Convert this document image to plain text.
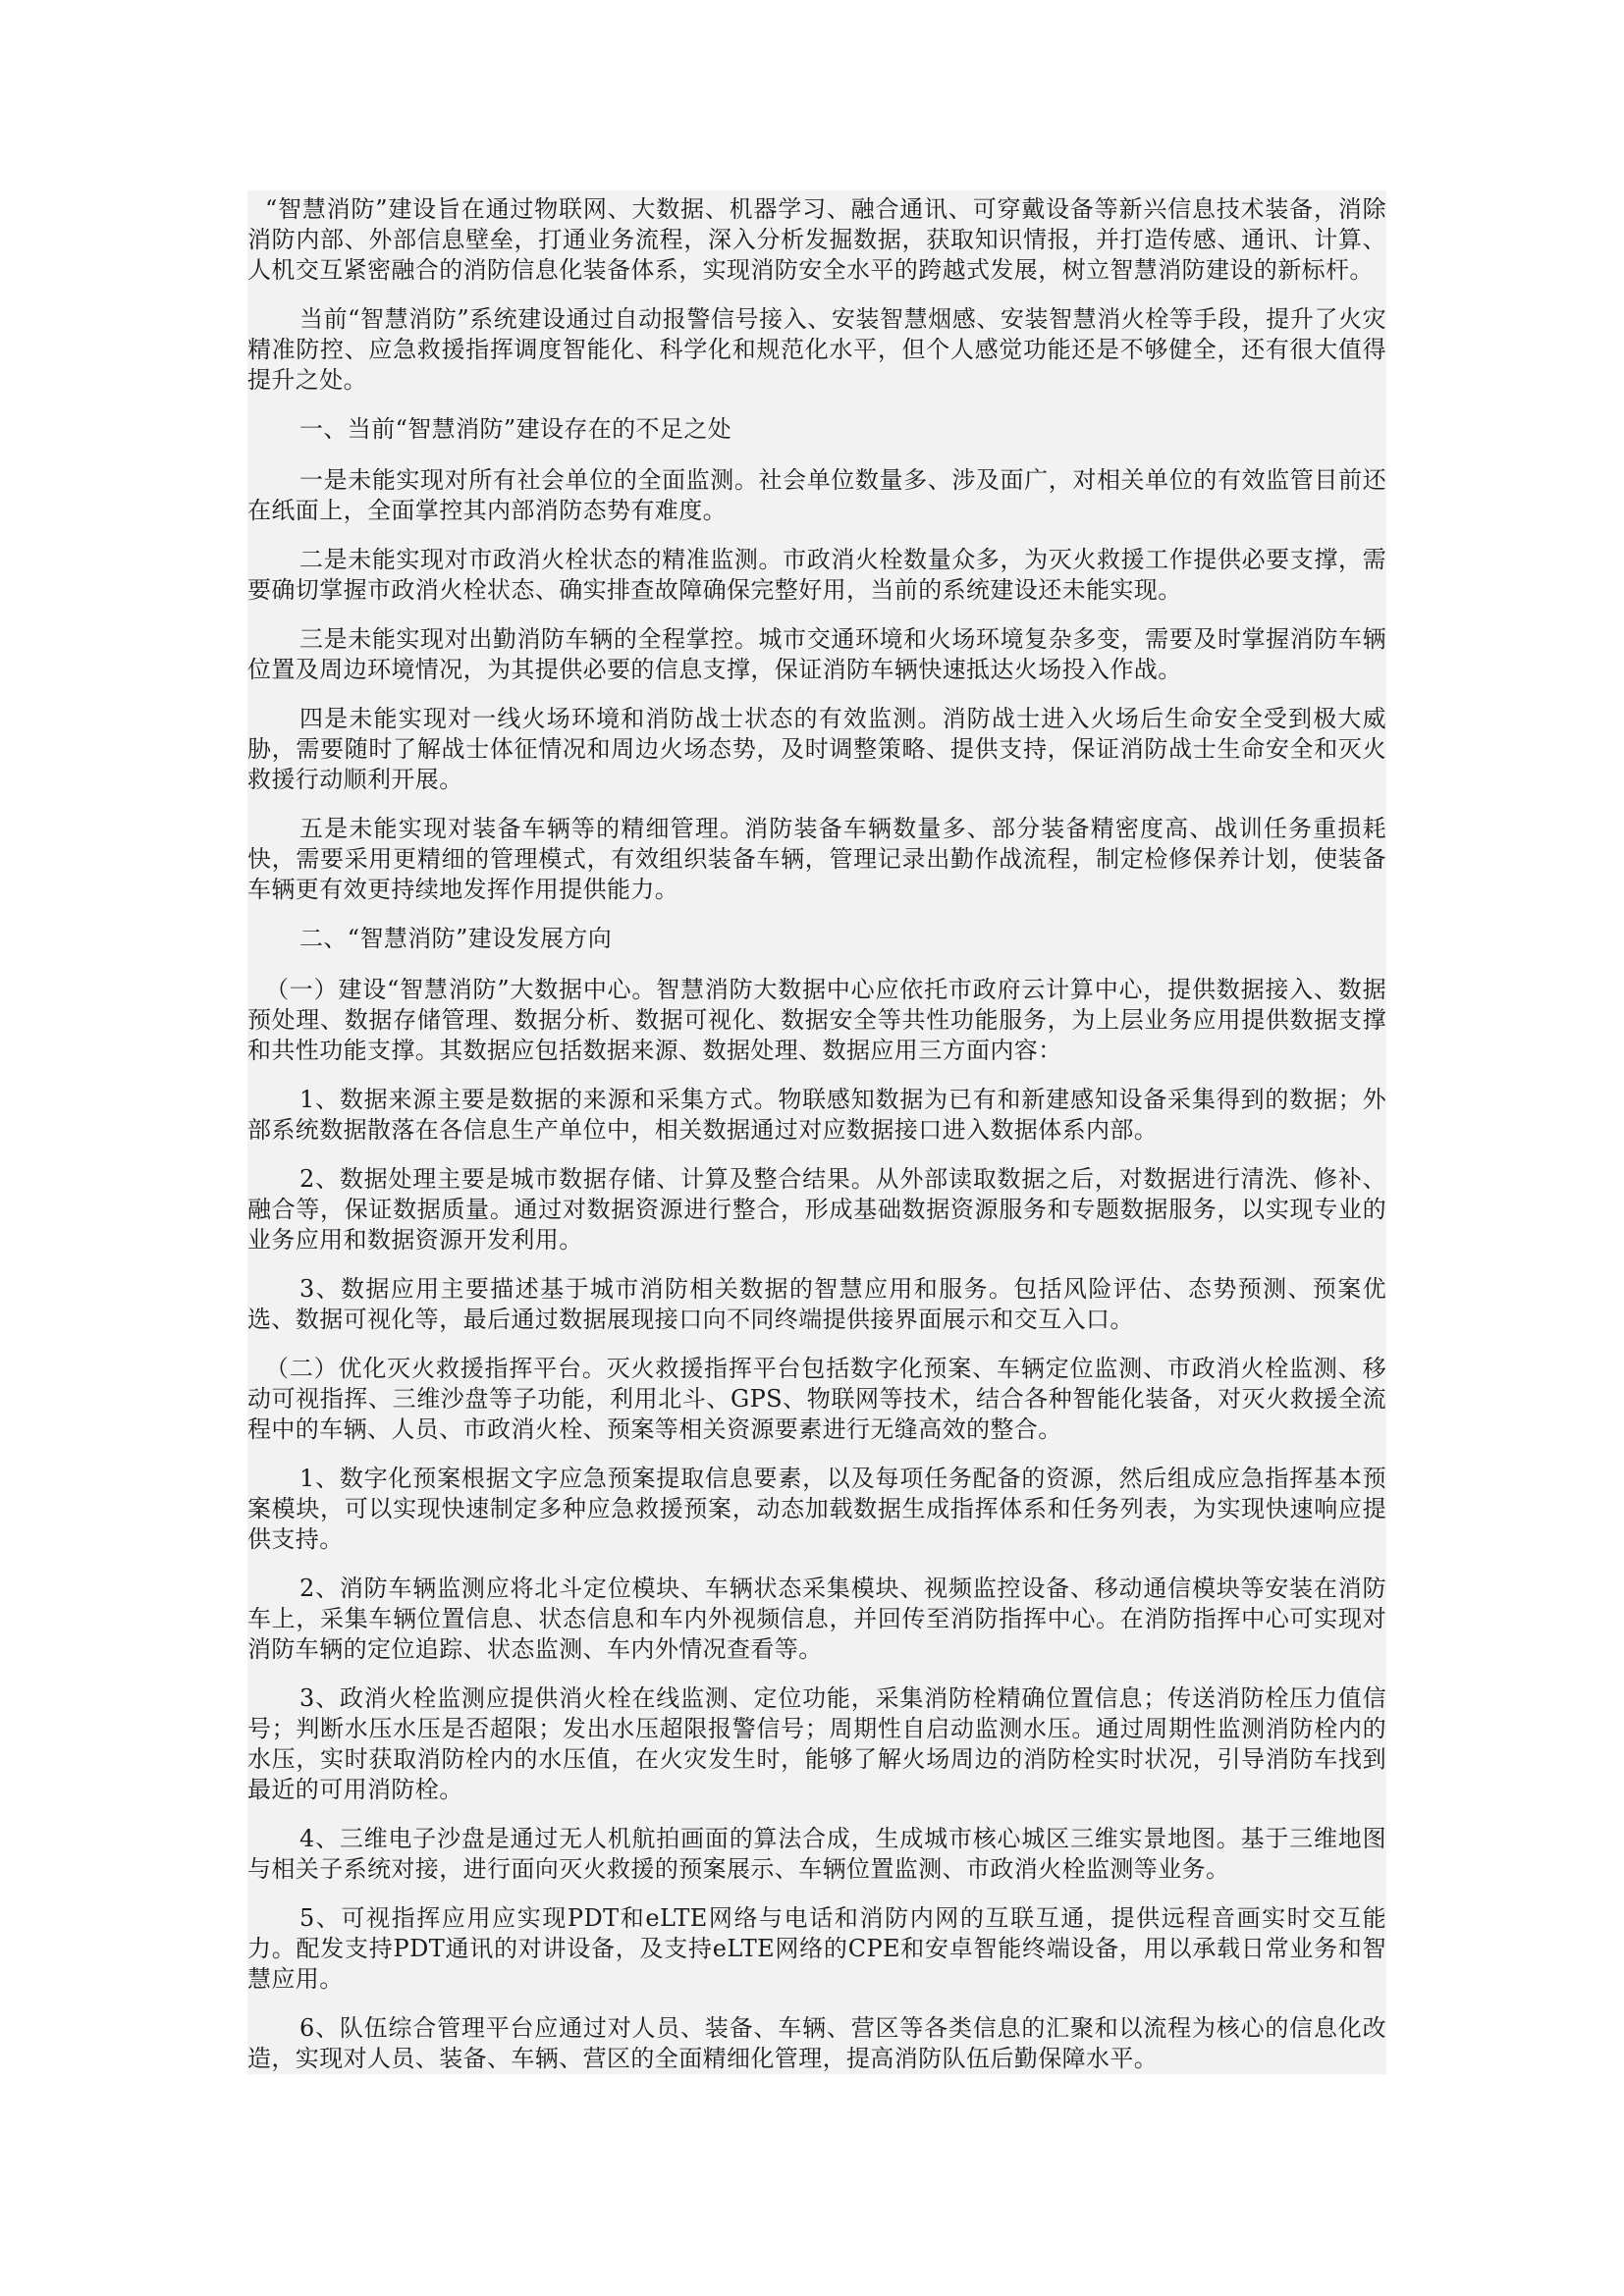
“智慧消防”建设旨在通过物联网、大数据、机器学习、融合通讯、可穿戴设备等新兴信息技术装备，消除消防内部、外部信息壁垒，打通业务流程，深入分析发掘数据，获取知识情报，并打造传感、通讯、计算、人机交互紧密融合的消防信息化装备体系，实现消防安全水平的跨越式发展，树立智慧消防建设的新标杆。

当前“智慧消防”系统建设通过自动报警信号接入、安装智慧烟感、安装智慧消火栓等手段，提升了火灾精准防控、应急救援指挥调度智能化、科学化和规范化水平，但个人感觉功能还是不够健全，还有很大值得提升之处。

一、当前“智慧消防”建设存在的不足之处

一是未能实现对所有社会单位的全面监测。社会单位数量多、涉及面广，对相关单位的有效监管目前还在纸面上，全面掌控其内部消防态势有难度。

二是未能实现对市政消火栓状态的精准监测。市政消火栓数量众多，为灭火救援工作提供必要支撑，需要确切掌握市政消火栓状态、确实排查故障确保完整好用，当前的系统建设还未能实现。

三是未能实现对出勤消防车辆的全程掌控。城市交通环境和火场环境复杂多变，需要及时掌握消防车辆位置及周边环境情况，为其提供必要的信息支撑，保证消防车辆快速抵达火场投入作战。

四是未能实现对一线火场环境和消防战士状态的有效监测。消防战士进入火场后生命安全受到极大威胁，需要随时了解战士体征情况和周边火场态势，及时调整策略、提供支持，保证消防战士生命安全和灭火救援行动顺利开展。

五是未能实现对装备车辆等的精细管理。消防装备车辆数量多、部分装备精密度高、战训任务重损耗快，需要采用更精细的管理模式，有效组织装备车辆，管理记录出勤作战流程，制定检修保养计划，使装备车辆更有效更持续地发挥作用提供能力。

二、“智慧消防”建设发展方向

（一）建设“智慧消防”大数据中心。智慧消防大数据中心应依托市政府云计算中心，提供数据接入、数据预处理、数据存储管理、数据分析、数据可视化、数据安全等共性功能服务，为上层业务应用提供数据支撑和共性功能支撑。其数据应包括数据来源、数据处理、数据应用三方面内容：

1、数据来源主要是数据的来源和采集方式。物联感知数据为已有和新建感知设备采集得到的数据；外部系统数据散落在各信息生产单位中，相关数据通过对应数据接口进入数据体系内部。

2、数据处理主要是城市数据存储、计算及整合结果。从外部读取数据之后，对数据进行清洗、修补、融合等，保证数据质量。通过对数据资源进行整合，形成基础数据资源服务和专题数据服务，以实现专业的业务应用和数据资源开发利用。

3、数据应用主要描述基于城市消防相关数据的智慧应用和服务。包括风险评估、态势预测、预案优选、数据可视化等，最后通过数据展现接口向不同终端提供接界面展示和交互入口。

（二）优化灭火救援指挥平台。灭火救援指挥平台包括数字化预案、车辆定位监测、市政消火栓监测、移动可视指挥、三维沙盘等子功能，利用北斗、GPS、物联网等技术，结合各种智能化装备，对灭火救援全流程中的车辆、人员、市政消火栓、预案等相关资源要素进行无缝高效的整合。

1、数字化预案根据文字应急预案提取信息要素，以及每项任务配备的资源，然后组成应急指挥基本预案模块，可以实现快速制定多种应急救援预案，动态加载数据生成指挥体系和任务列表，为实现快速响应提供支持。

2、消防车辆监测应将北斗定位模块、车辆状态采集模块、视频监控设备、移动通信模块等安装在消防车上，采集车辆位置信息、状态信息和车内外视频信息，并回传至消防指挥中心。在消防指挥中心可实现对消防车辆的定位追踪、状态监测、车内外情况查看等。

3、政消火栓监测应提供消火栓在线监测、定位功能，采集消防栓精确位置信息；传送消防栓压力值信号；判断水压水压是否超限；发出水压超限报警信号；周期性自启动监测水压。通过周期性监测消防栓内的水压，实时获取消防栓内的水压值，在火灾发生时，能够了解火场周边的消防栓实时状况，引导消防车找到最近的可用消防栓。

4、三维电子沙盘是通过无人机航拍画面的算法合成，生成城市核心城区三维实景地图。基于三维地图与相关子系统对接，进行面向灭火救援的预案展示、车辆位置监测、市政消火栓监测等业务。

5、可视指挥应用应实现PDT和eLTE网络与电话和消防内网的互联互通，提供远程音画实时交互能力。配发支持PDT通讯的对讲设备，及支持eLTE网络的CPE和安卓智能终端设备，用以承载日常业务和智慧应用。

6、队伍综合管理平台应通过对人员、装备、车辆、营区等各类信息的汇聚和以流程为核心的信息化改造，实现对人员、装备、车辆、营区的全面精细化管理，提高消防队伍后勤保障水平。
